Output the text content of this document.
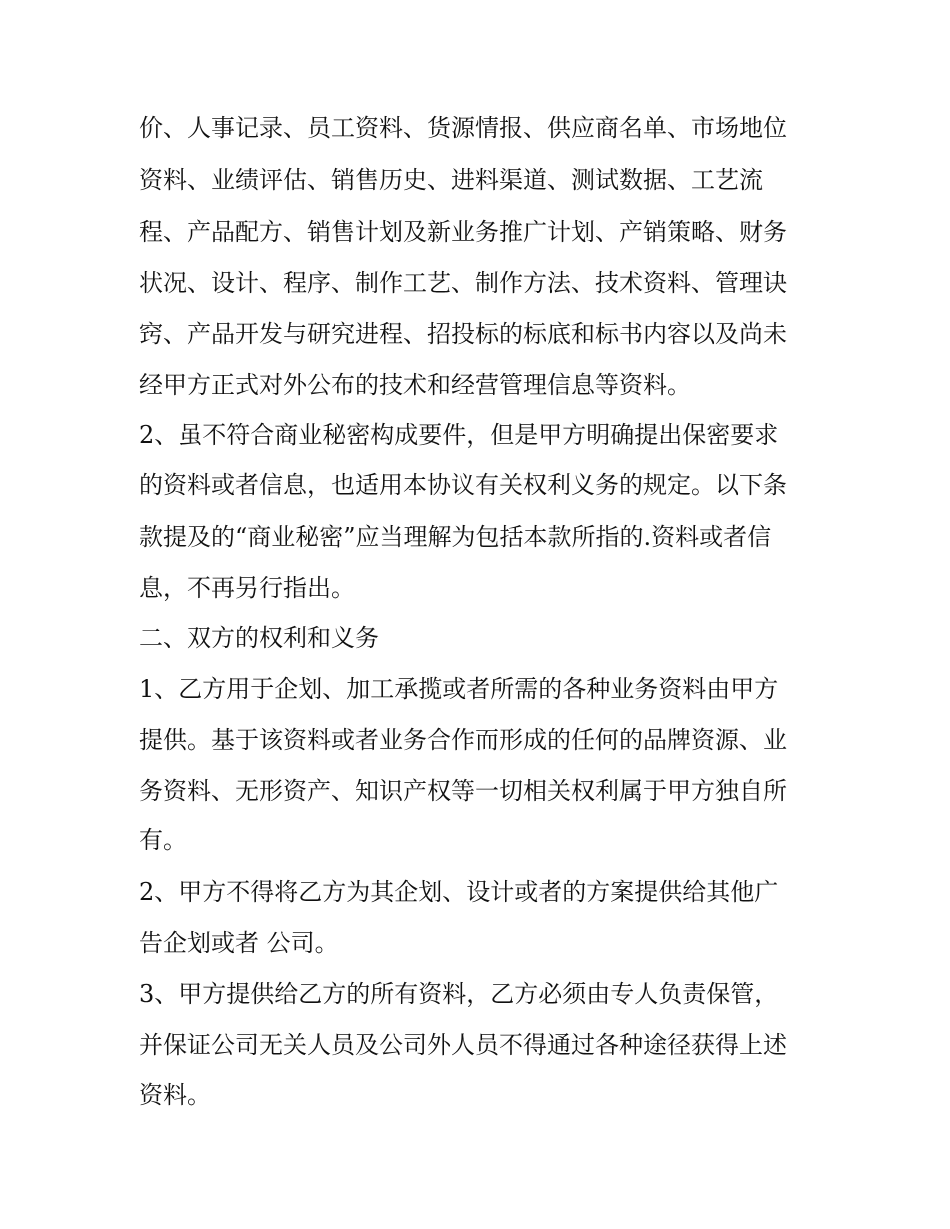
价、人事记录、员工资料、货源情报、供应商名单、市场地位
资料、业绩评估、销售历史、进料渠道、测试数据、工艺流
程、产品配方、销售计划及新业务推广计划、产销策略、财务
状况、设计、程序、制作工艺、制作方法、技术资料、管理诀
窍、产品开发与研究进程、招投标的标底和标书内容以及尚未
经甲方正式对外公布的技术和经营管理信息等资料。
2、虽不符合商业秘密构成要件，但是甲方明确提出保密要求
的资料或者信息，也适用本协议有关权利义务的规定。以下条
款提及的“商业秘密”应当理解为包括本款所指的.资料或者信
息，不再另行指出。
二、双方的权利和义务
1、乙方用于企划、加工承揽或者所需的各种业务资料由甲方
提供。基于该资料或者业务合作而形成的任何的品牌资源、业
务资料、无形资产、知识产权等一切相关权利属于甲方独自所
有。
2、甲方不得将乙方为其企划、设计或者的方案提供给其他广
告企划或者 公司。
3、甲方提供给乙方的所有资料，乙方必须由专人负责保管，
并保证公司无关人员及公司外人员不得通过各种途径获得上述
资料。
